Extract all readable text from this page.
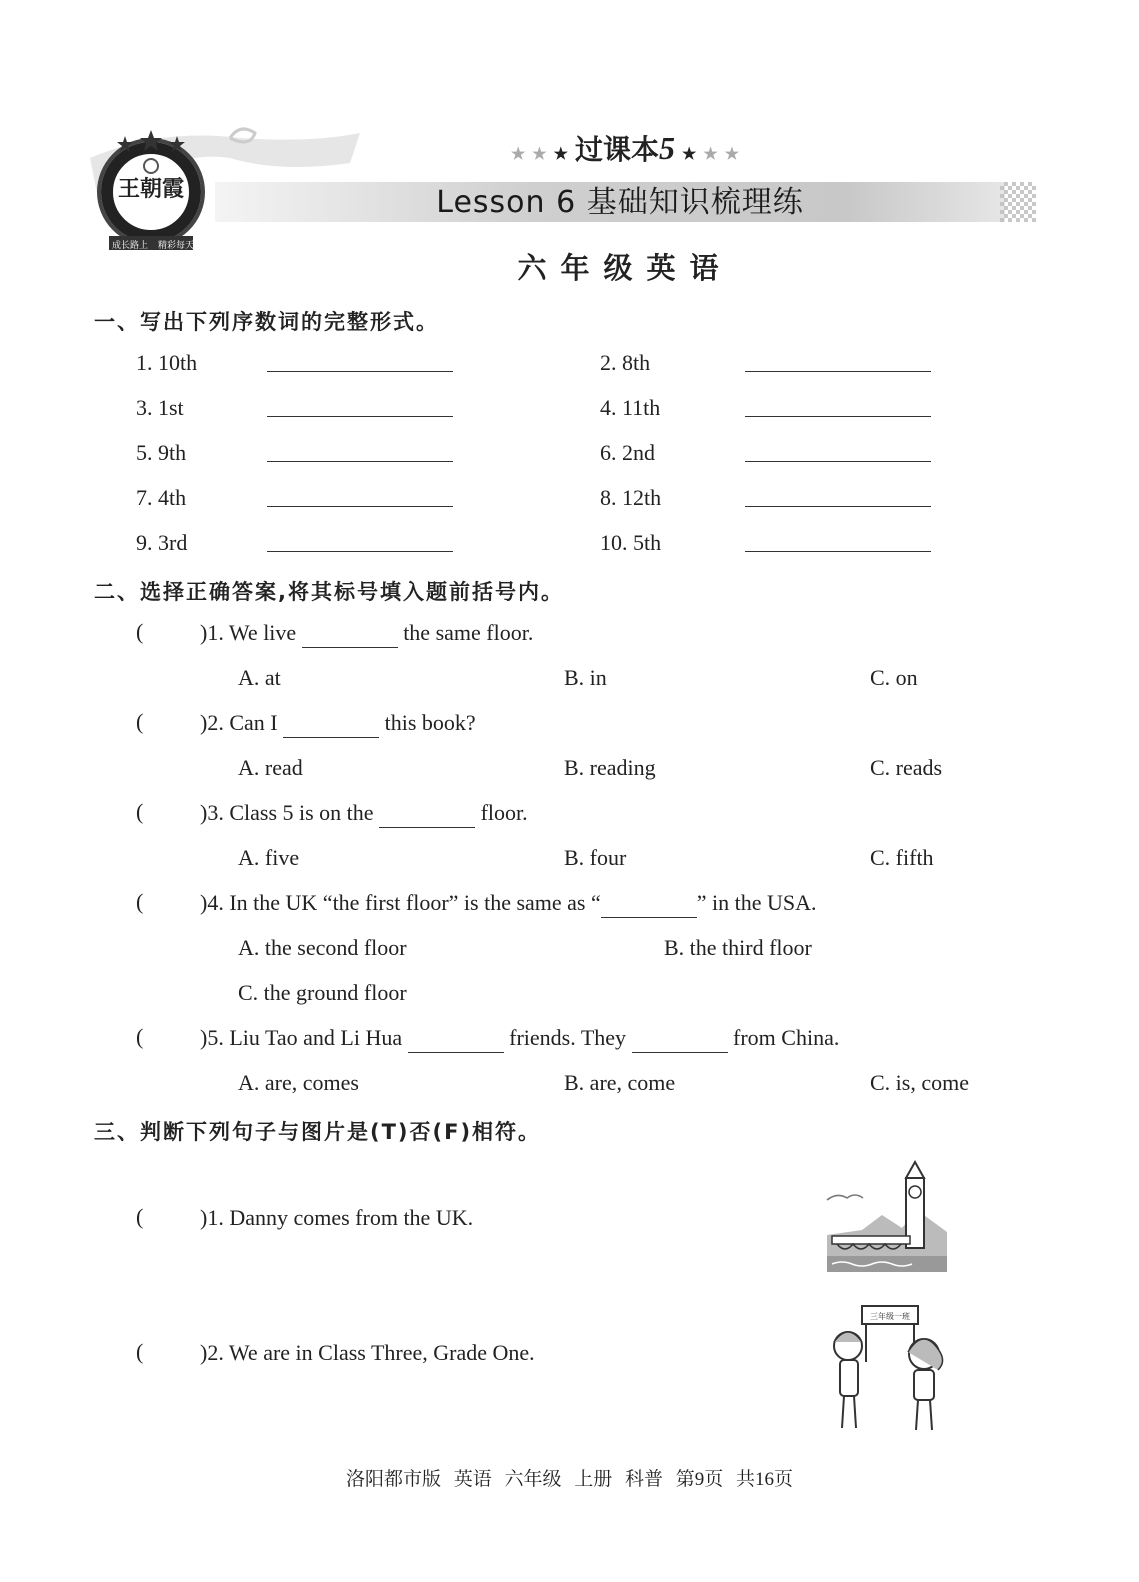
王朝霞
成长路上 精彩每天
★ ★ ★ 过课本5 ★ ★ ★
Lesson 6 基础知识梳理练
六年级英语
一、写出下列序数词的完整形式。
1. 10th	2. 8th
3. 1st	4. 11th
5. 9th	6. 2nd
7. 4th	8. 12th
9. 3rd	10. 5th
二、选择正确答案,将其标号填入题前括号内。
(	)1. We live	the same floor.
A. at	B. in	C. on
(	)2. Can I	this book?
A. read	B. reading	C. reads
(	)3. Class 5 is on the	floor.
A. five	B. four	C. fifth
(	)4. In the UK “the first floor” is the same as “	” in the USA.
A. the second floor	B. the third floor
C. the ground floor
(	)5. Liu Tao and Li Hua	friends. They	from China.
A. are, comes	B. are, come	C. is, come
三、判断下列句子与图片是(T)否(F)相符。
(	)1. Danny comes from the UK.
(	)2. We are in Class Three, Grade One.
三年级一班
洛阳都市版 英语 六年级 上册 科普 第9页 共16页
